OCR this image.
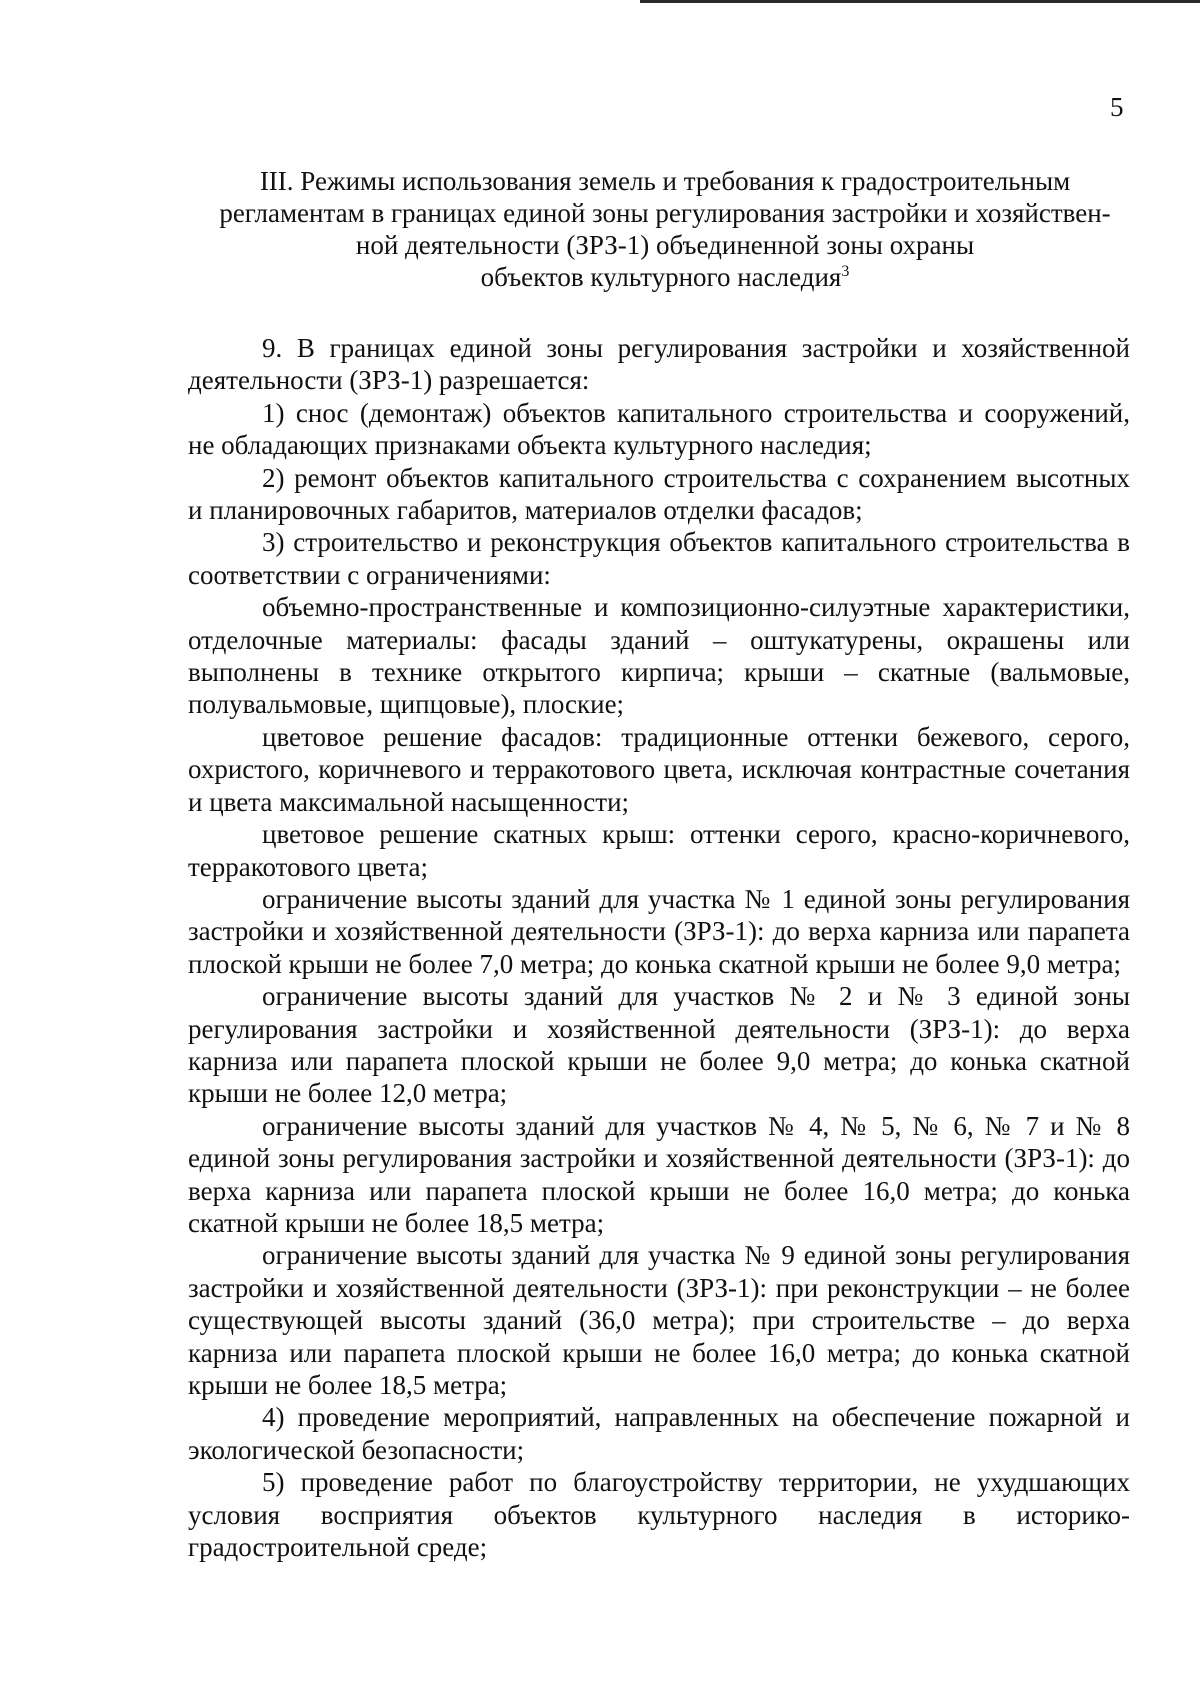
5
III. Режимы использования земель и требования к градостроительным
регламентам в границах единой зоны регулирования застройки и хозяйствен-
ной деятельности (ЗРЗ-1) объединенной зоны охраны
объектов культурного наследия$^3$

9. В границах единой зоны регулирования застройки и хозяйственной деятельности (ЗРЗ-1) разрешается:

1) снос (демонтаж) объектов капитального строительства и сооружений, не обладающих признаками объекта культурного наследия;

2) ремонт объектов капитального строительства с сохранением высотных и планировочных габаритов, материалов отделки фасадов;

3) строительство и реконструкция объектов капитального строительства в соответствии с ограничениями:

объемно-пространственные и композиционно-силуэтные характеристики, отделочные материалы: фасады зданий – оштукатурены, окрашены или выполнены в технике открытого кирпича; крыши – скатные (вальмовые, полувальмовые, щипцовые), плоские;

цветовое решение фасадов: традиционные оттенки бежевого, серого, охристого, коричневого и терракотового цвета, исключая контрастные сочетания и цвета максимальной насыщенности;

цветовое решение скатных крыш: оттенки серого, красно-коричневого, терракотового цвета;

ограничение высоты зданий для участка № 1 единой зоны регулирования застройки и хозяйственной деятельности (ЗРЗ-1): до верха карниза или парапета плоской крыши не более 7,0 метра; до конька скатной крыши не более 9,0 метра;

ограничение высоты зданий для участков № 2 и № 3 единой зоны регулирования застройки и хозяйственной деятельности (ЗРЗ-1): до верха карниза или парапета плоской крыши не более 9,0 метра; до конька скатной крыши не более 12,0 метра;

ограничение высоты зданий для участков № 4, № 5, № 6, № 7 и № 8 единой зоны регулирования застройки и хозяйственной деятельности (ЗРЗ-1): до верха карниза или парапета плоской крыши не более 16,0 метра; до конька скатной крыши не более 18,5 метра;

ограничение высоты зданий для участка № 9 единой зоны регулирования застройки и хозяйственной деятельности (ЗРЗ-1): при реконструкции – не более существующей высоты зданий (36,0 метра); при строительстве – до верха карниза или парапета плоской крыши не более 16,0 метра; до конька скатной крыши не более 18,5 метра;

4) проведение мероприятий, направленных на обеспечение пожарной и экологической безопасности;

5) проведение работ по благоустройству территории, не ухудшающих условия восприятия объектов культурного наследия в историко-градостроительной среде;
